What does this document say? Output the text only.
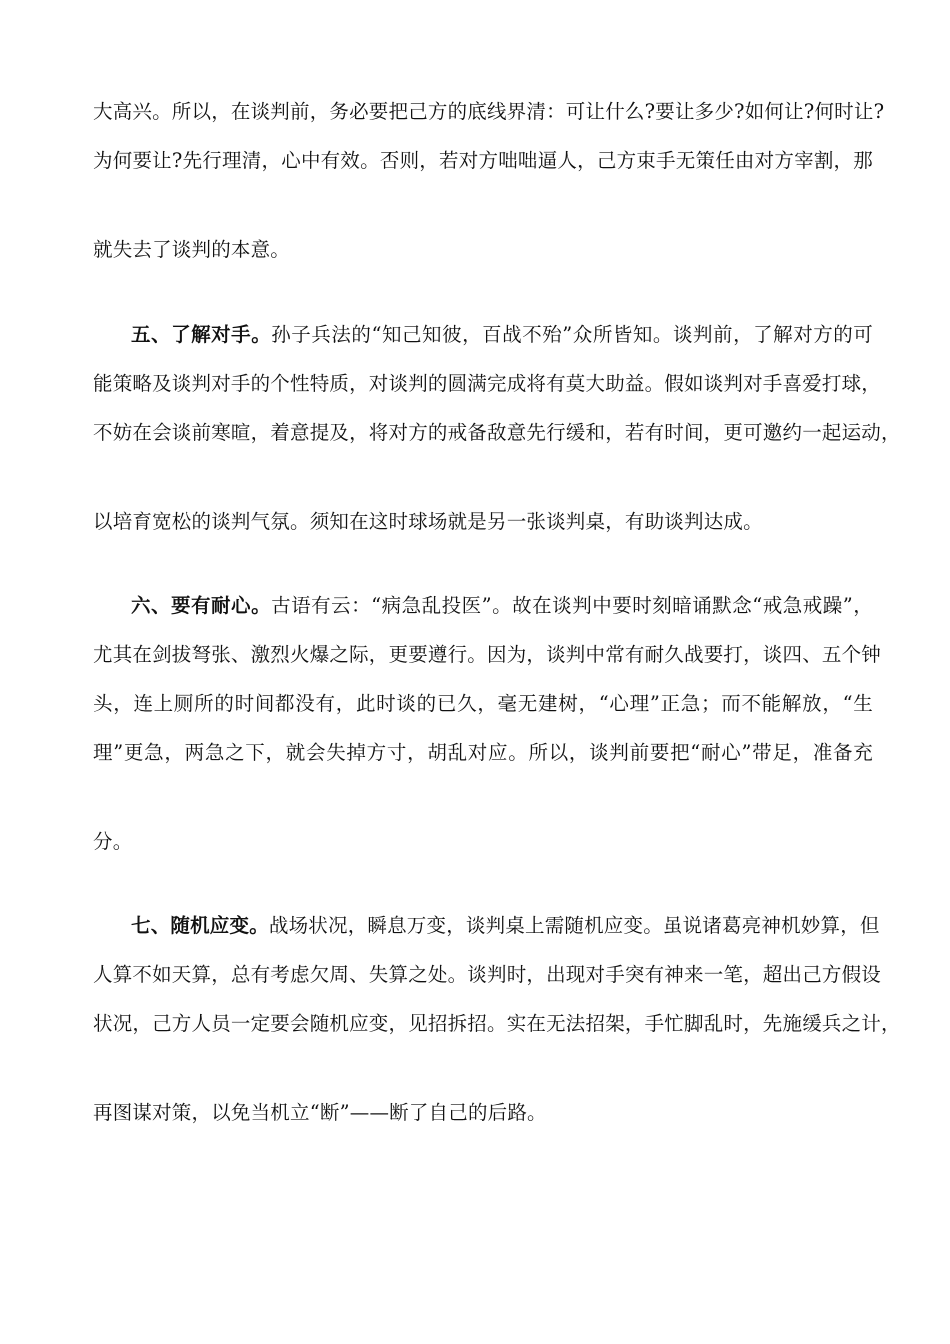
大高兴。所以，在谈判前，务必要把己方的底线界清：可让什么?要让多少?如何让?何时让?
为何要让?先行理清，心中有效。否则，若对方咄咄逼人，己方束手无策任由对方宰割，那
就失去了谈判的本意。
五、了解对手。孙子兵法的“知己知彼，百战不殆”众所皆知。谈判前，了解对方的可
能策略及谈判对手的个性特质，对谈判的圆满完成将有莫大助益。假如谈判对手喜爱打球，
不妨在会谈前寒暄，着意提及，将对方的戒备敌意先行缓和，若有时间，更可邀约一起运动，
以培育宽松的谈判气氛。须知在这时球场就是另一张谈判桌，有助谈判达成。
六、要有耐心。古语有云：“病急乱投医”。故在谈判中要时刻暗诵默念“戒急戒躁”，
尤其在剑拔弩张、激烈火爆之际，更要遵行。因为，谈判中常有耐久战要打，谈四、五个钟
头，连上厕所的时间都没有，此时谈的已久，毫无建树，“心理”正急；而不能解放，“生
理”更急，两急之下，就会失掉方寸，胡乱对应。所以，谈判前要把“耐心”带足，准备充
分。
七、随机应变。战场状况，瞬息万变，谈判桌上需随机应变。虽说诸葛亮神机妙算，但
人算不如天算，总有考虑欠周、失算之处。谈判时，出现对手突有神来一笔，超出己方假设
状况，己方人员一定要会随机应变，见招拆招。实在无法招架，手忙脚乱时，先施缓兵之计，
再图谋对策，以免当机立“断”——断了自己的后路。
